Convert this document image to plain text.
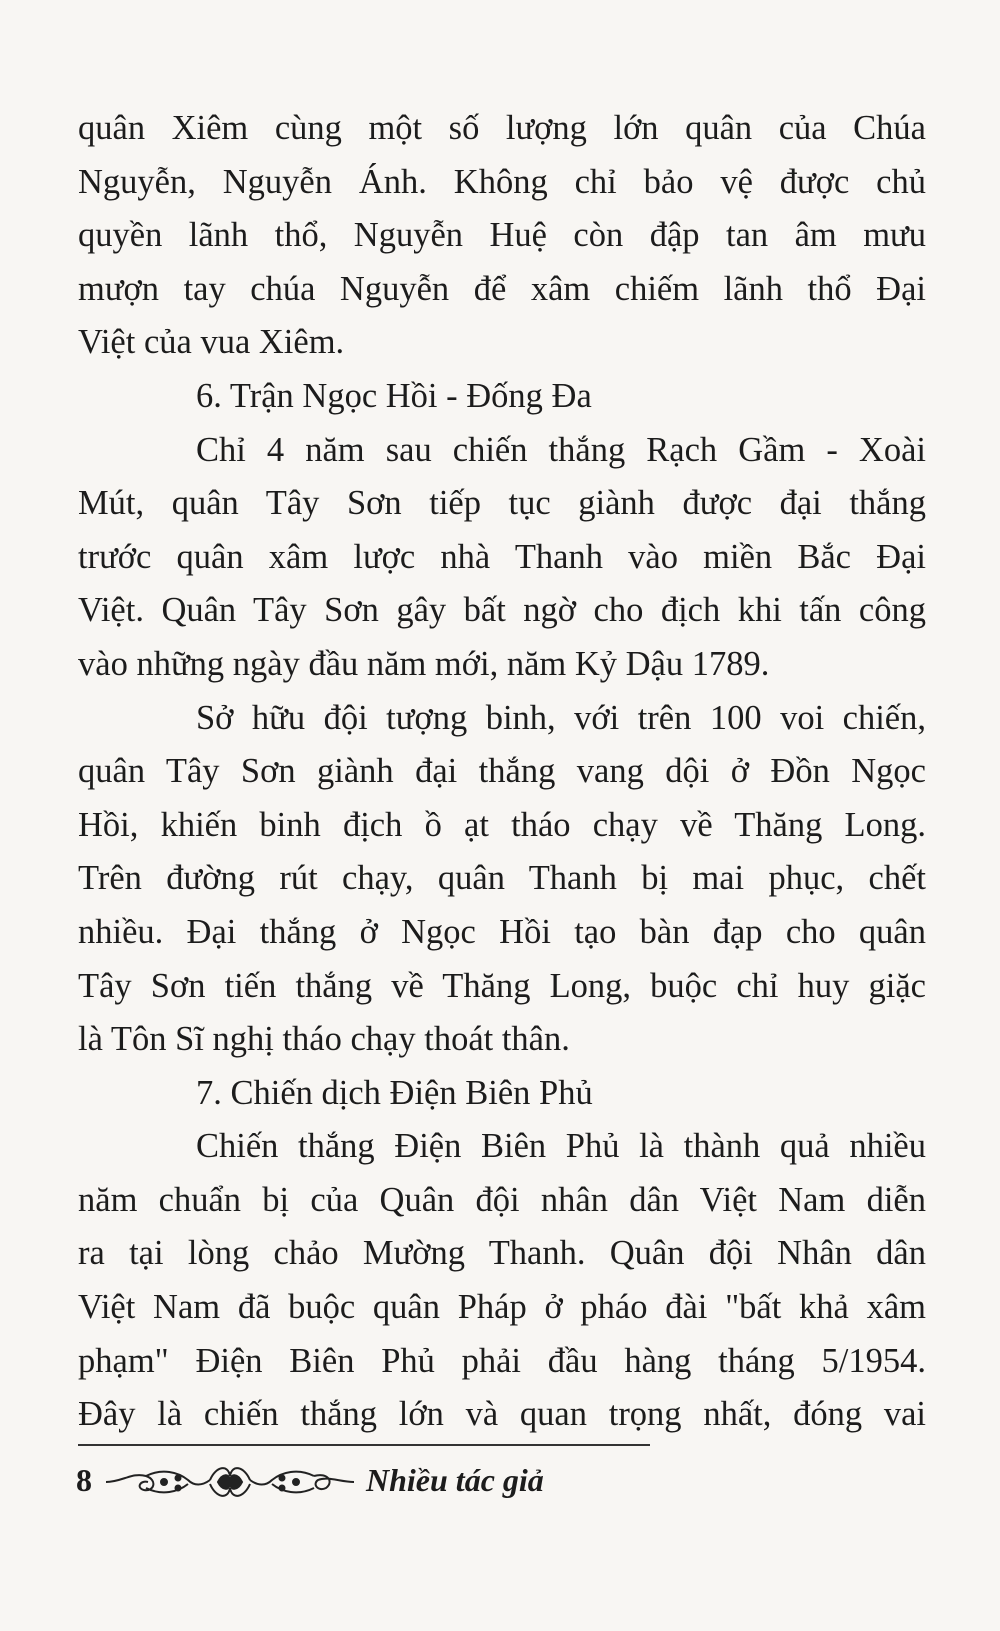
quân Xiêm cùng một số lượng lớn quân của Chúa
Nguyễn, Nguyễn Ánh. Không chỉ bảo vệ được chủ
quyền lãnh thổ, Nguyễn Huệ còn đập tan âm mưu
mượn tay chúa Nguyễn để xâm chiếm lãnh thổ Đại
Việt của vua Xiêm.
6. Trận Ngọc Hồi - Đống Đa
Chỉ 4 năm sau chiến thắng Rạch Gầm - Xoài
Mút, quân Tây Sơn tiếp tục giành được đại thắng
trước quân xâm lược nhà Thanh vào miền Bắc Đại
Việt. Quân Tây Sơn gây bất ngờ cho địch khi tấn công
vào những ngày đầu năm mới, năm Kỷ Dậu 1789.
Sở hữu đội tượng binh, với trên 100 voi chiến,
quân Tây Sơn giành đại thắng vang dội ở Đồn Ngọc
Hồi, khiến binh địch ồ ạt tháo chạy về Thăng Long.
Trên đường rút chạy, quân Thanh bị mai phục, chết
nhiều. Đại thắng ở Ngọc Hồi tạo bàn đạp cho quân
Tây Sơn tiến thắng về Thăng Long, buộc chỉ huy giặc
là Tôn Sĩ nghị tháo chạy thoát thân.
7. Chiến dịch Điện Biên Phủ
Chiến thắng Điện Biên Phủ là thành quả nhiều
năm chuẩn bị của Quân đội nhân dân Việt Nam diễn
ra tại lòng chảo Mường Thanh. Quân đội Nhân dân
Việt Nam đã buộc quân Pháp ở pháo đài "bất khả xâm
phạm" Điện Biên Phủ phải đầu hàng tháng 5/1954.
Đây là chiến thắng lớn và quan trọng nhất, đóng vai
8	Nhiều tác giả
